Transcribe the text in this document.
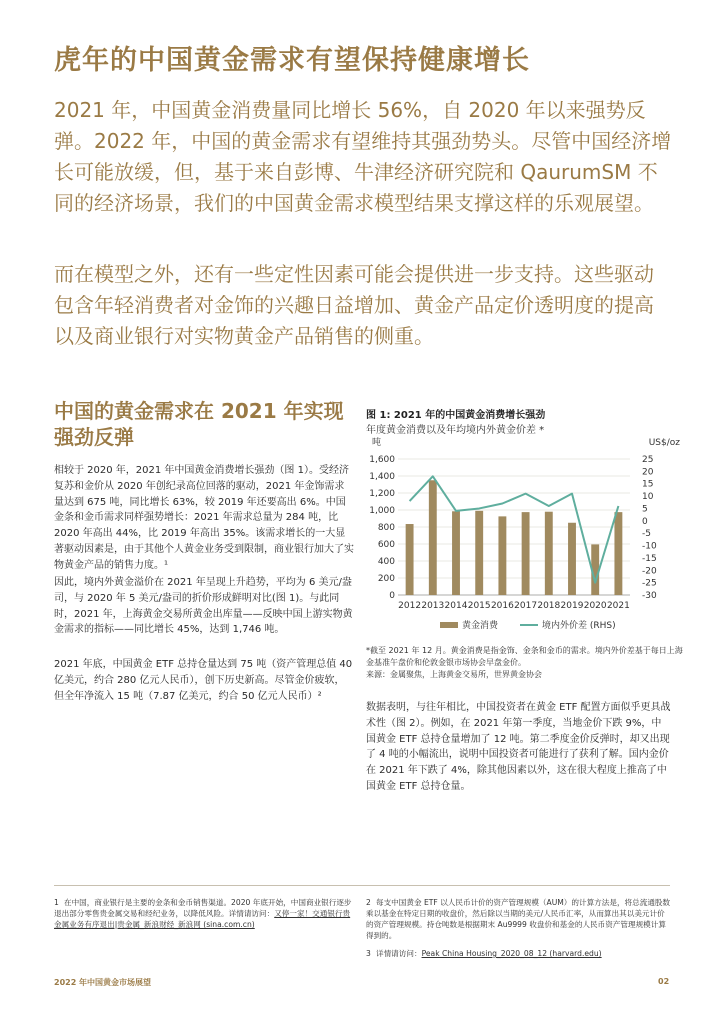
虎年的中国黄金需求有望保持健康增长
2021 年，中国黄金消费量同比增长 56%，自 2020 年以来强势反弹。2022 年，中国的黄金需求有望维持其强劲势头。尽管中国经济增长可能放缓，但，基于来自彭博、牛津经济研究院和 QaurumSM 不同的经济场景，我们的中国黄金需求模型结果支撑这样的乐观展望。
而在模型之外，还有一些定性因素可能会提供进一步支持。这些驱动包含年轻消费者对金饰的兴趣日益增加、黄金产品定价透明度的提高以及商业银行对实物黄金产品销售的侧重。
中国的黄金需求在 2021 年实现强劲反弹

相较于 2020 年，2021 年中国黄金消费增长强劲（图 1）。受经济复苏和金价从 2020 年创纪录高位回落的驱动，2021 年金饰需求量达到 675 吨，同比增长 63%，较 2019 年还要高出 6%。中国金条和金币需求同样强势增长：2021 年需求总量为 284 吨，比 2020 年高出 44%，比 2019 年高出 35%。该需求增长的一大显著驱动因素是，由于其他个人黄金业务受到限制，商业银行加大了实物黄金产品的销售力度。¹

因此，境内外黄金溢价在 2021 年呈现上升趋势，平均为 6 美元/盎司，与 2020 年 5 美元/盎司的折价形成鲜明对比(图 1)。与此同时，2021 年，上海黄金交易所黄金出库量——反映中国上游实物黄金需求的指标——同比增长 45%，达到 1,746 吨。

2021 年底，中国黄金 ETF 总持仓量达到 75 吨（资产管理总值 40 亿美元，约合 280 亿元人民币），创下历史新高。尽管金价疲软，但全年净流入 15 吨（7.87 亿美元，约合 50 亿元人民币）²

图 1: 2021 年的中国黄金消费增长强劲
年度黄金消费以及年均境内外黄金价差 *
吨	US$/oz
0
200
400
600
800
1,000
1,200
1,400
1,600
-30
-25
-20
-15
-10
-5
0
5
10
15
20
25
2012 2013 2014 2015 2016 2017 2018 2019 2020 2021
黄金消费	境内外价差 (RHS)
*截至 2021 年 12 月。黄金消费是指金饰、金条和金币的需求。境内外价差基于每日上海金基准午盘价和伦敦金银市场协会早盘金价。
来源：金属聚焦，上海黄金交易所，世界黄金协会
数据表明，与往年相比，中国投资者在黄金 ETF 配置方面似乎更具战术性（图 2）。例如，在 2021 年第一季度，当地金价下跌 9%，中国黄金 ETF 总持仓量增加了 12 吨。第二季度金价反弹时，却又出现了 4 吨的小幅流出，说明中国投资者可能进行了获利了解。国内金价在 2021 年下跌了 4%，除其他因素以外，这在很大程度上推高了中国黄金 ETF 总持仓量。
1 在中国，商业银行是主要的金条和金币销售渠道。2020 年底开始，中国商业银行逐步退出部分零售贵金属交易和经纪业务，以降低风险。详情请访问：又停一家！交通银行贵金属业务有序退出|贵金属_新浪财经_新浪网 (sina.com.cn)
2 每支中国黄金 ETF 以人民币计价的资产管理规模（AUM）的计算方法是，将总流通股数乘以基金在特定日期的收盘价，然后除以当期的美元/人民币汇率，从而算出其以美元计价的资产管理规模。持仓吨数是根据期末 Au9999 收盘价和基金的人民币资产管理规模计算得到的。
3 详情请访问：Peak China Housing_2020_08_12 (harvard.edu)
2022 年中国黄金市场展望	02
